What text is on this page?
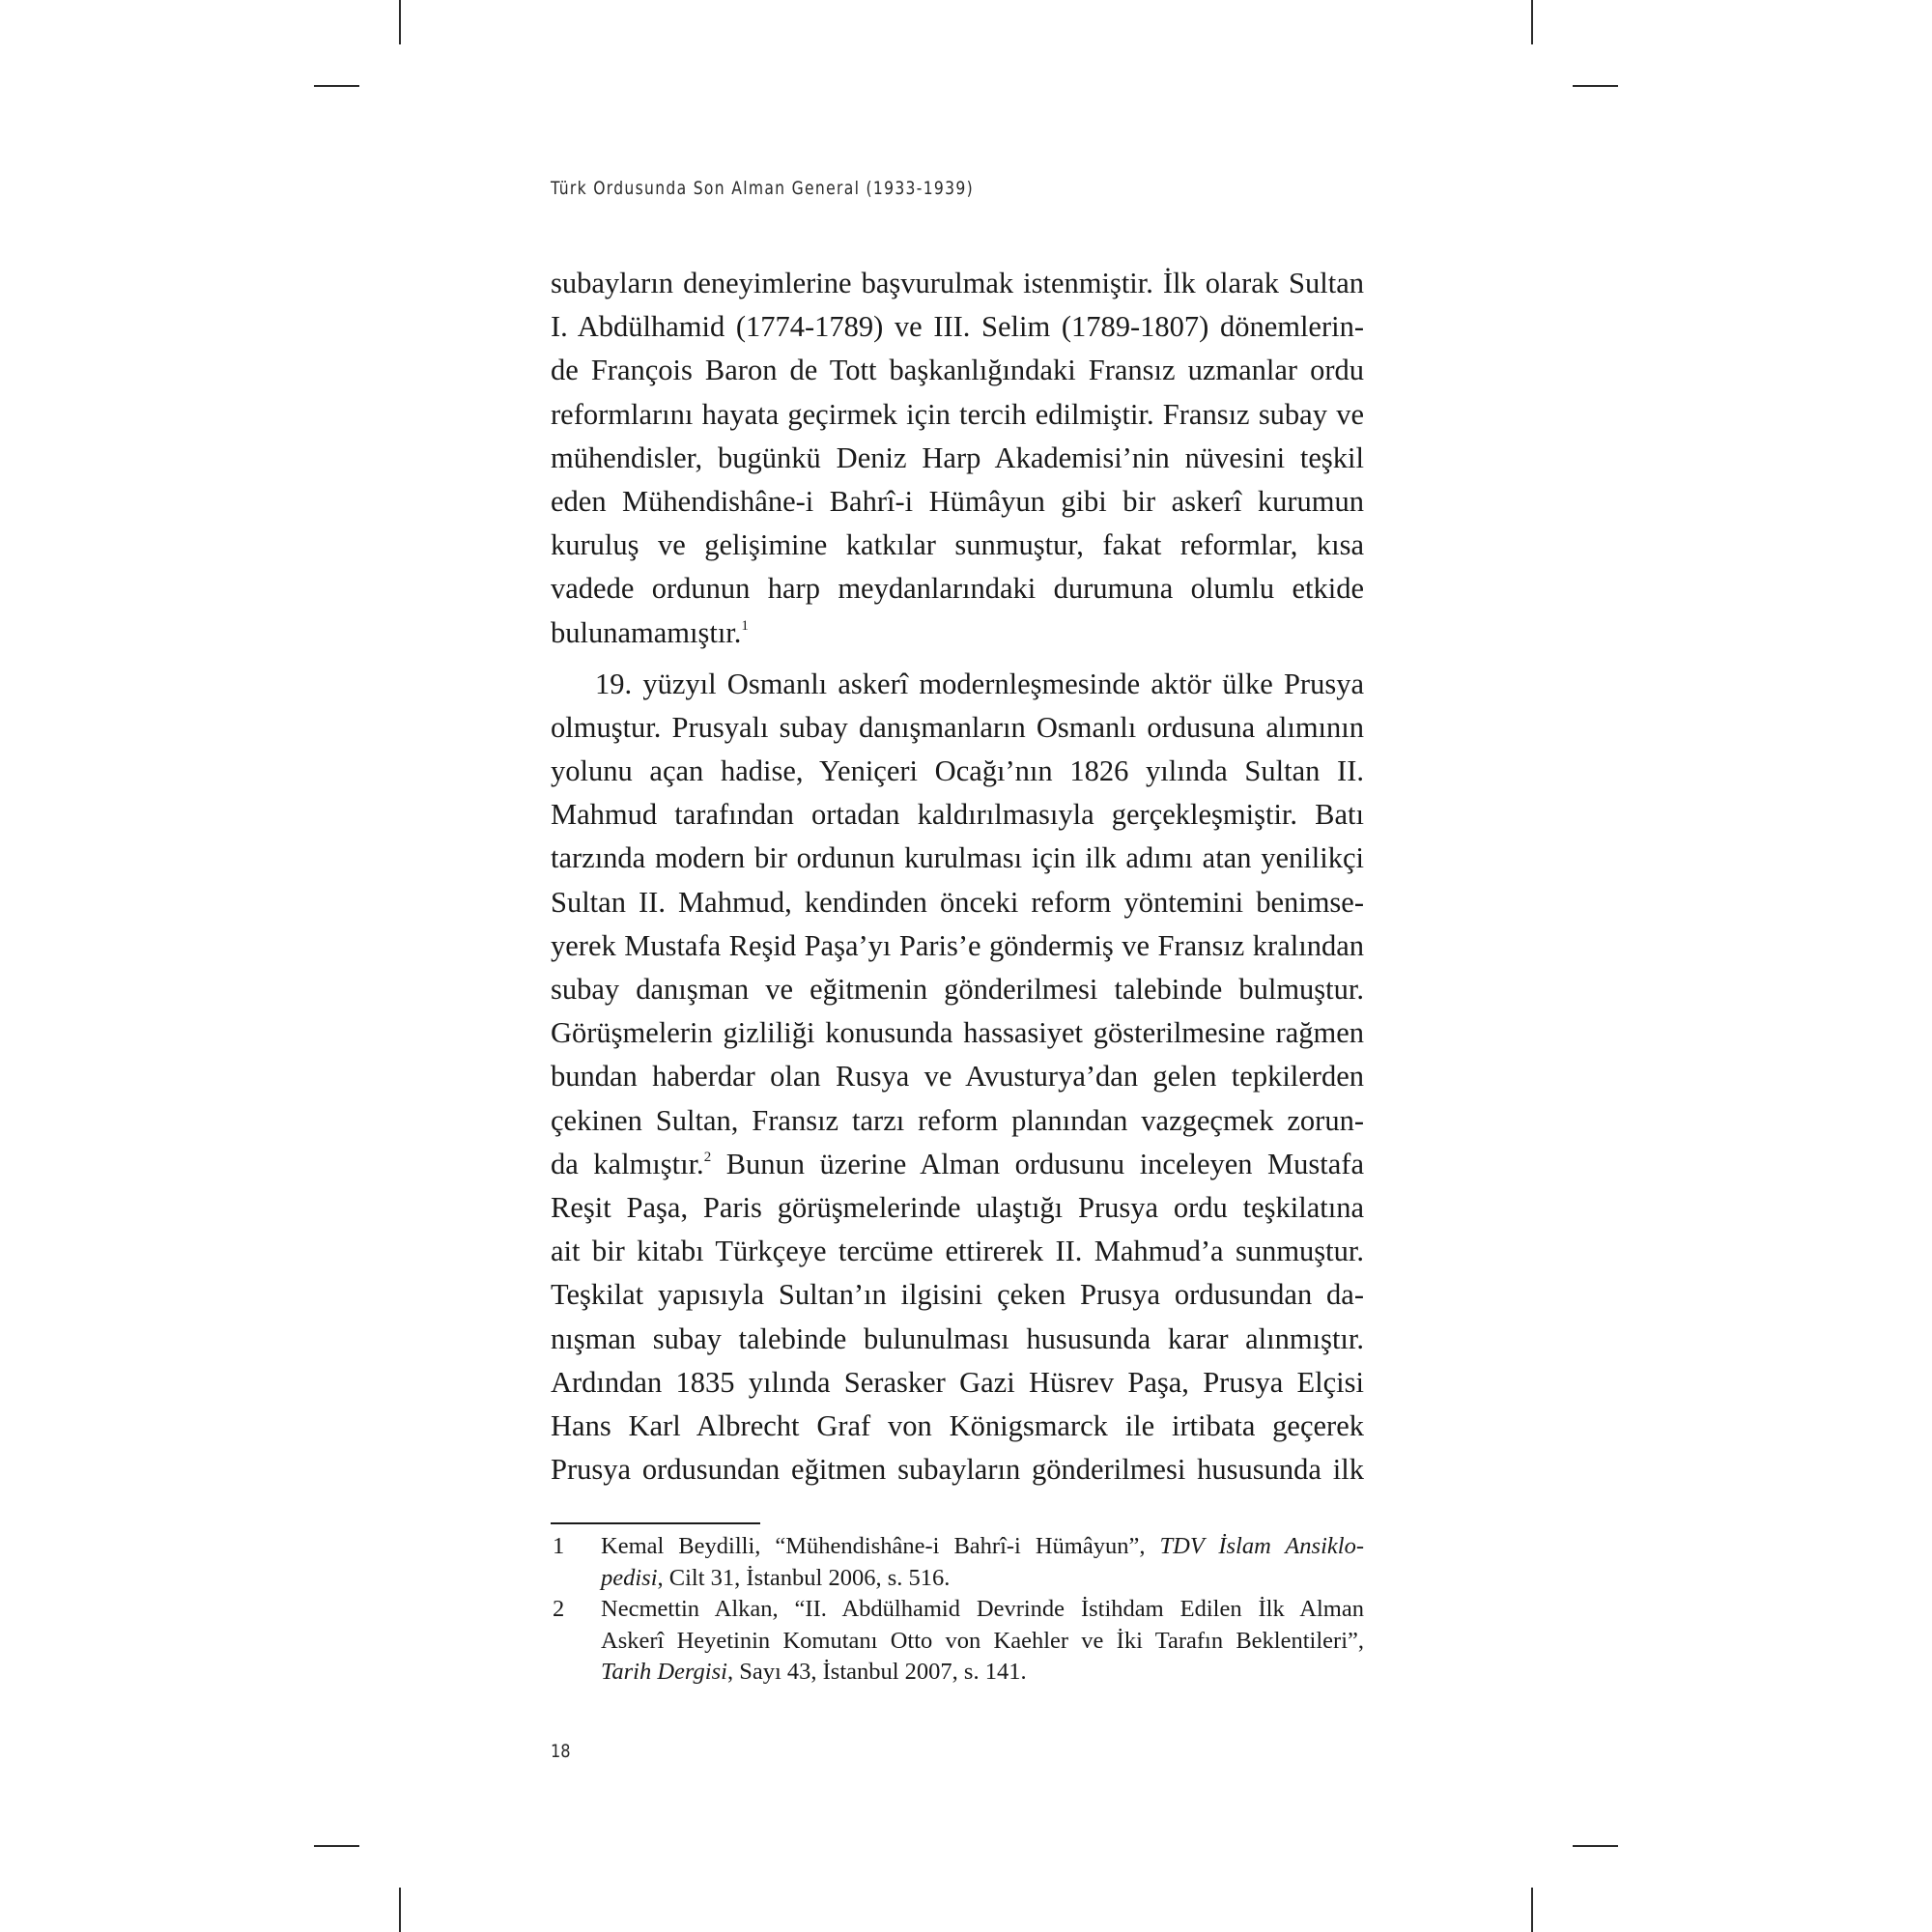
Türk Ordusunda Son Alman General (1933-1939)
subayların deneyimlerine başvurulmak istenmiştir. İlk olarak Sultan
I. Abdülhamid (1774-1789) ve III. Selim (1789-1807) dönemlerin-
de François Baron de Tott başkanlığındaki Fransız uzmanlar ordu
reformlarını hayata geçirmek için tercih edilmiştir. Fransız subay ve
mühendisler, bugünkü Deniz Harp Akademisi’nin nüvesini teşkil
eden Mühendishâne-i Bahrî-i Hümâyun gibi bir askerî kurumun
kuruluş ve gelişimine katkılar sunmuştur, fakat reformlar, kısa
vadede ordunun harp meydanlarındaki durumuna olumlu etkide
bulunamamıştır.$^1$
19. yüzyıl Osmanlı askerî modernleşmesinde aktör ülke Prusya
olmuştur. Prusyalı subay danışmanların Osmanlı ordusuna alımının
yolunu açan hadise, Yeniçeri Ocağı’nın 1826 yılında Sultan II.
Mahmud tarafından ortadan kaldırılmasıyla gerçekleşmiştir. Batı
tarzında modern bir ordunun kurulması için ilk adımı atan yenilikçi
Sultan II. Mahmud, kendinden önceki reform yöntemini benimse-
yerek Mustafa Reşid Paşa’yı Paris’e göndermiş ve Fransız kralından
subay danışman ve eğitmenin gönderilmesi talebinde bulmuştur.
Görüşmelerin gizliliği konusunda hassasiyet gösterilmesine rağmen
bundan haberdar olan Rusya ve Avusturya’dan gelen tepkilerden
çekinen Sultan, Fransız tarzı reform planından vazgeçmek zorun-
da kalmıştır.$^2$ Bunun üzerine Alman ordusunu inceleyen Mustafa
Reşit Paşa, Paris görüşmelerinde ulaştığı Prusya ordu teşkilatına
ait bir kitabı Türkçeye tercüme ettirerek II. Mahmud’a sunmuştur.
Teşkilat yapısıyla Sultan’ın ilgisini çeken Prusya ordusundan da-
nışman subay talebinde bulunulması hususunda karar alınmıştır.
Ardından 1835 yılında Serasker Gazi Hüsrev Paşa, Prusya Elçisi
Hans Karl Albrecht Graf von Königsmarck ile irtibata geçerek
Prusya ordusundan eğitmen subayların gönderilmesi hususunda ilk
1 Kemal Beydilli, “Mühendishâne-i Bahrî-i Hümâyun”, TDV İslam Ansiklo-
pedisi, Cilt 31, İstanbul 2006, s. 516.
2 Necmettin Alkan, “II. Abdülhamid Devrinde İstihdam Edilen İlk Alman
Askerî Heyetinin Komutanı Otto von Kaehler ve İki Tarafın Beklentileri”,
Tarih Dergisi, Sayı 43, İstanbul 2007, s. 141.
18
